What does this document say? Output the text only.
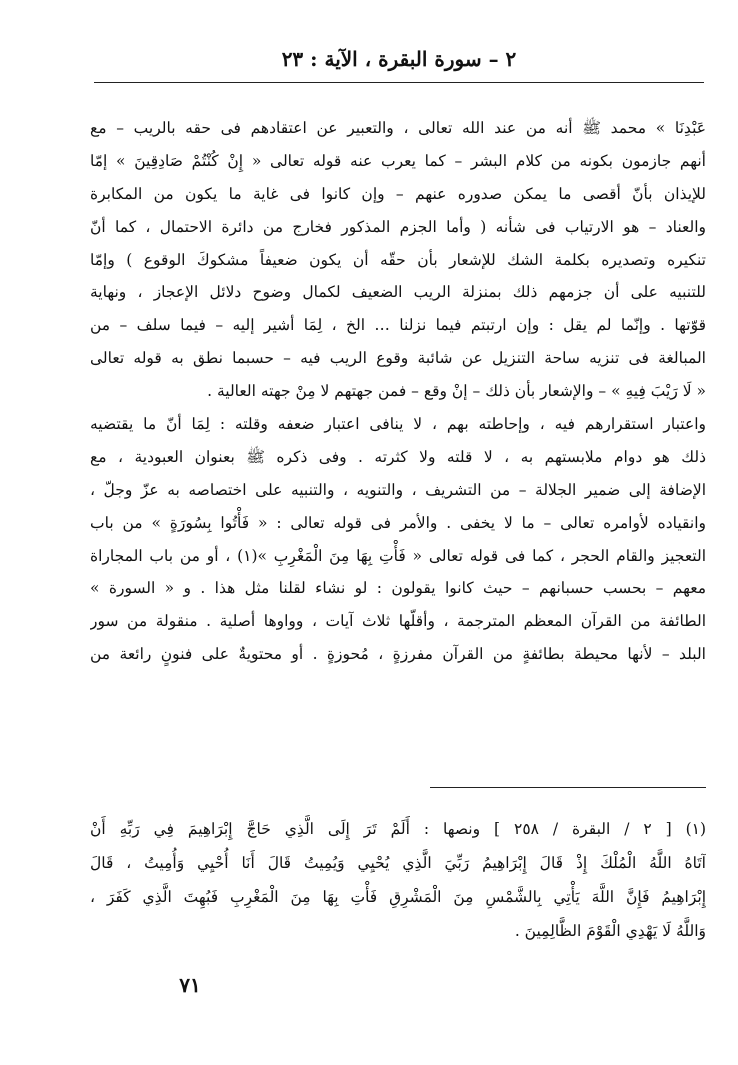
٢ – سورة البقرة ، الآية : ٢٣
عَبْدِنَا » محمد ﷺ أنه من عند الله تعالى ، والتعبير عن اعتقادهم فى حقه بالريب – مع
أنهم جازمون بكونه من كلام البشر – كما يعرب عنه قوله تعالى « إِنْ كُنْتُمْ صَادِقِينَ » إمّا
للإيذان بأنّ أقصى ما يمكن صدوره عنهم – وإن كانوا فى غاية ما يكون من المكابرة
والعناد – هو الارتياب فى شأنه ( وأما الجزم المذكور فخارج من دائرة الاحتمال ، كما أنّ
تنكيره وتصديره بكلمة الشك للإشعار بأن حقّه أن يكون ضعيفاً مشكوكَ الوقوع ) وإمّا
للتنبيه على أن جزمهم ذلك بمنزلة الريب الضعيف لكمال وضوح دلائل الإعجاز ، ونهاية
قوّتها . وإنّما لم يقل : وإن ارتبتم فيما نزلنا … الخ ، لِمَا أشير إليه – فيما سلف – من
المبالغة فى تنزيه ساحة التنزيل عن شائبة وقوع الريب فيه – حسبما نطق به قوله تعالى
« لَا رَيْبَ فِيهِ » – والإشعار بأن ذلك – إنْ وقع – فمن جهتهم لا مِنْ جهته العالية .
واعتبار استقرارهم فيه ، وإحاطته بهم ، لا ينافى اعتبار ضعفه وقلته : لِمَا أنّ ما يقتضيه
ذلك هو دوام ملابستهم به ، لا قلته ولا كثرته . وفى ذكره ﷺ بعنوان العبودية ، مع
الإضافة إلى ضمير الجلالة – من التشريف ، والتنويه ، والتنبيه على اختصاصه به عزّ وجلّ ،
وانقياده لأوامره تعالى – ما لا يخفى . والأمر فى قوله تعالى : « فَأْتُوا بِسُورَةٍ » من باب
التعجيز والقام الحجر ، كما فى قوله تعالى « فَأْتِ بِهَا مِنَ الْمَغْرِبِ »(١) ، أو من باب المجاراة
معهم – بحسب حسبانهم – حيث كانوا يقولون : لو نشاء لقلنا مثل هذا . و « السورة »
الطائفة من القرآن المعظم المترجمة ، وأقلّها ثلاث آيات ، وواوها أصلية . منقولة من سور
البلد – لأنها محيطة بطائفةٍ من القرآن مفرزةٍ ، مُحوزةٍ . أو محتويةٌ على فنونٍ رائعة من
(١) [ ٢ / البقرة / ٢٥٨ ] ونصها : أَلَمْ تَرَ إِلَى الَّذِي حَاجَّ إِبْرَاهِيمَ فِي رَبِّهِ أَنْ
آتَاهُ اللَّهُ الْمُلْكَ إِذْ قَالَ إِبْرَاهِيمُ رَبِّيَ الَّذِي يُحْيِي وَيُمِيتُ قَالَ أَنَا أُحْيِي وَأُمِيتُ ، قَالَ
إِبْرَاهِيمُ فَإِنَّ اللَّهَ يَأْتِي بِالشَّمْسِ مِنَ الْمَشْرِقِ فَأْتِ بِهَا مِنَ الْمَغْرِبِ فَبُهِتَ الَّذِي كَفَرَ ،
وَاللَّهُ لَا يَهْدِي الْقَوْمَ الظَّالِمِينَ .
٧١
